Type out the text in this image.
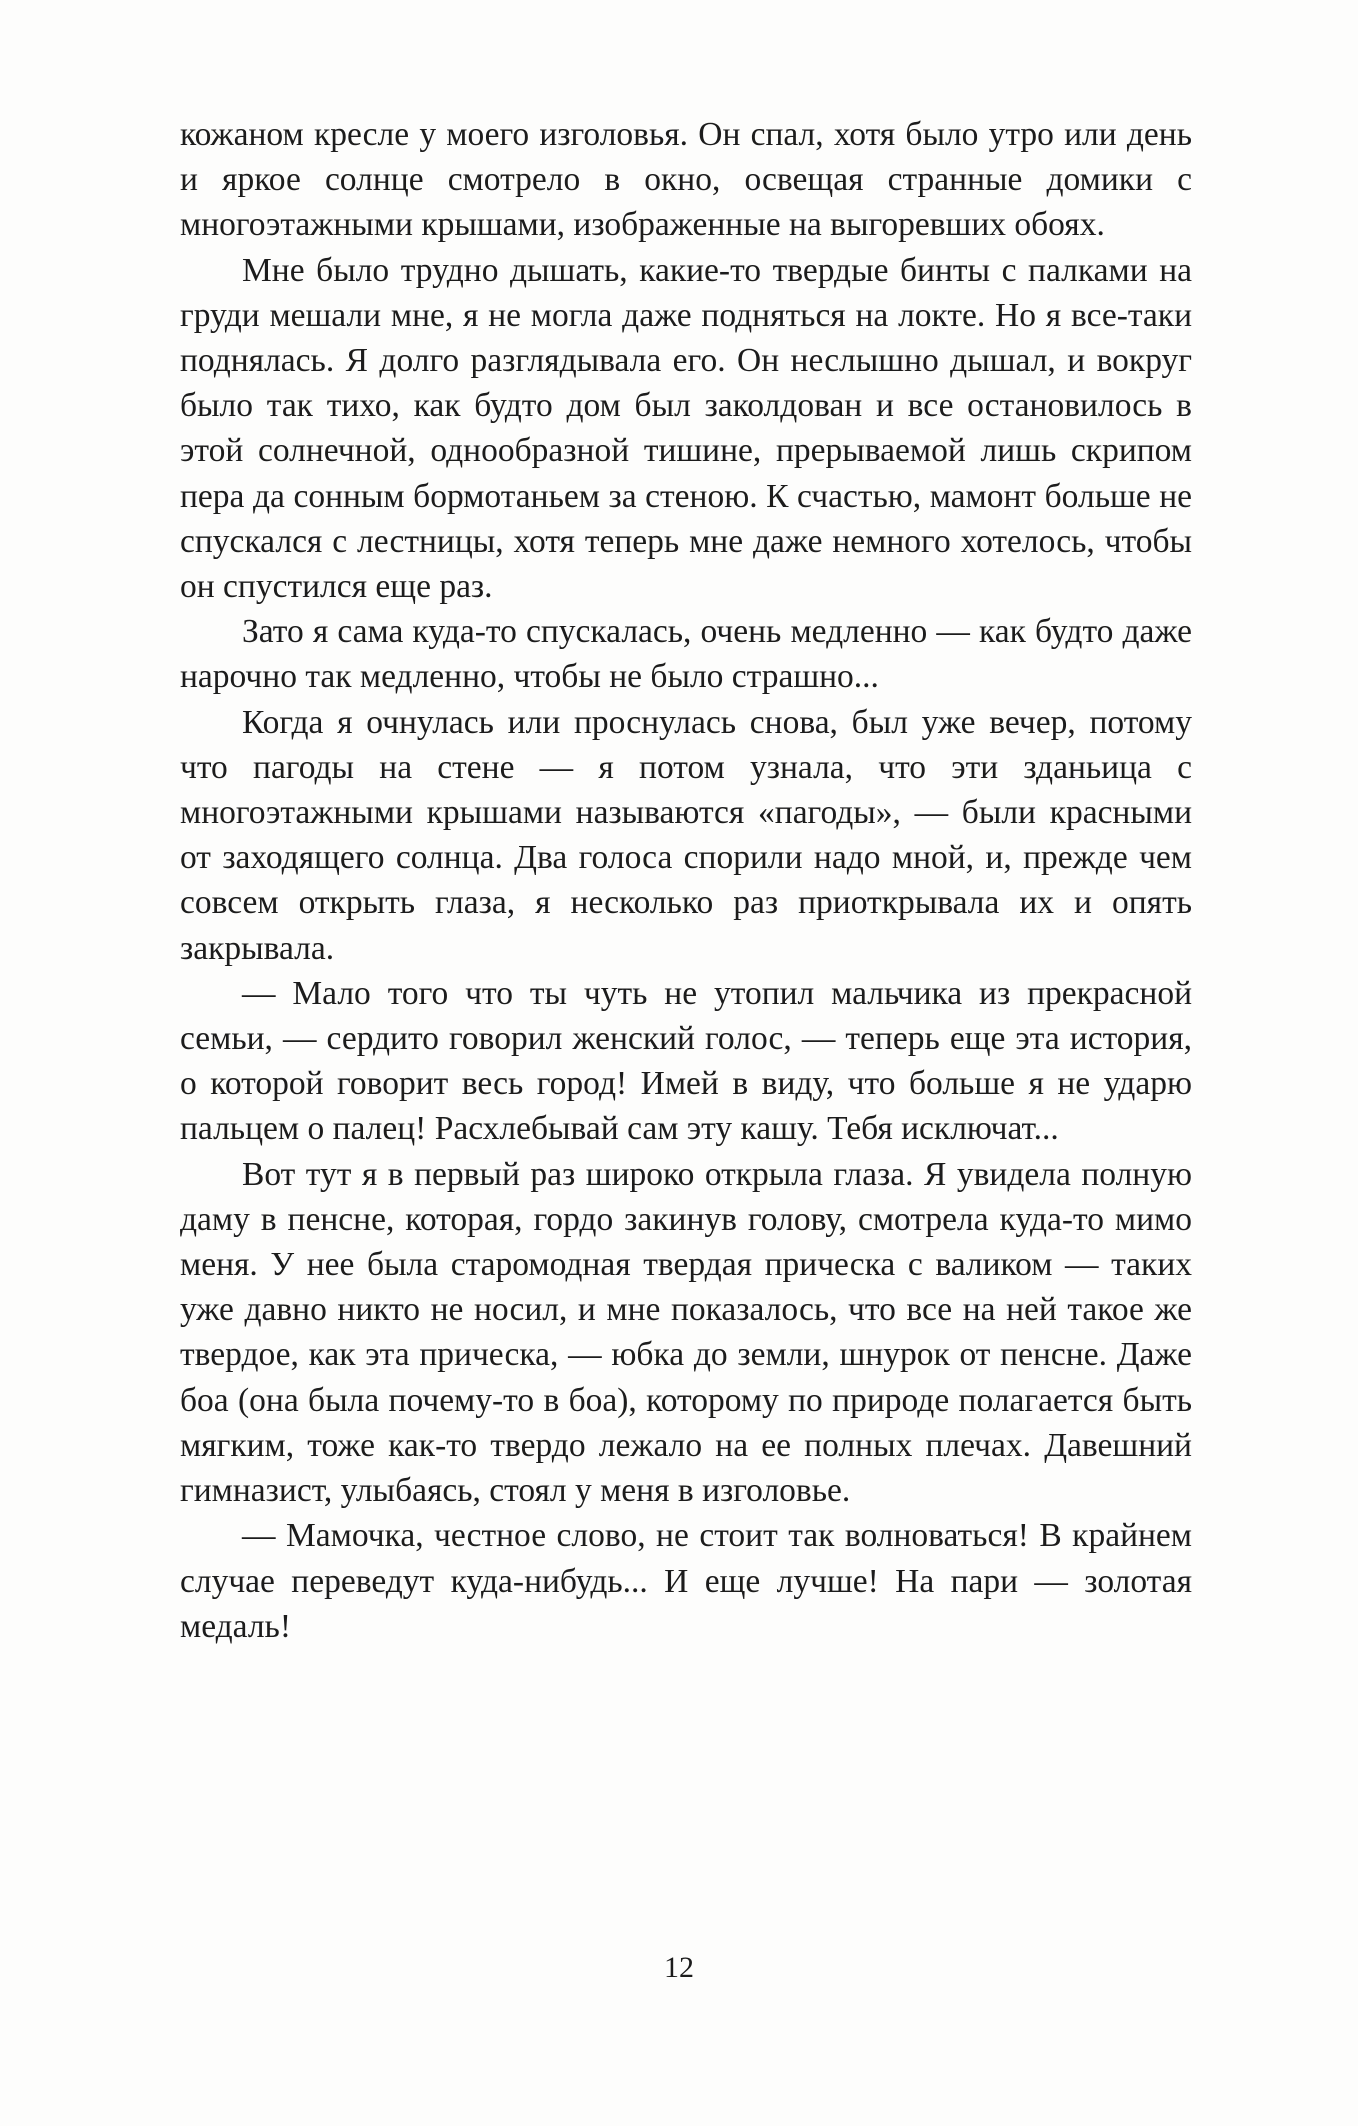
кожаном кресле у моего изголовья. Он спал, хотя было утро или день и яркое солнце смотрело в окно, освещая странные домики с многоэтажными крышами, изображенные на выгоревших обоях.

Мне было трудно дышать, какие-то твердые бинты с палками на груди мешали мне, я не могла даже подняться на локте. Но я все-таки поднялась. Я долго разглядывала его. Он неслышно дышал, и вокруг было так тихо, как будто дом был заколдован и все остановилось в этой солнечной, однообразной тишине, прерываемой лишь скрипом пера да сонным бормотаньем за стеною. К счастью, мамонт больше не спускался с лестницы, хотя теперь мне даже немного хотелось, чтобы он спустился еще раз.

Зато я сама куда-то спускалась, очень медленно — как будто даже нарочно так медленно, чтобы не было страшно...

Когда я очнулась или проснулась снова, был уже вечер, потому что пагоды на стене — я потом узнала, что эти зданьица с многоэтажными крышами называются «пагоды», — были красными от заходящего солнца. Два голоса спорили надо мной, и, прежде чем совсем открыть глаза, я несколько раз приоткрывала их и опять закрывала.

— Мало того что ты чуть не утопил мальчика из прекрасной семьи, — сердито говорил женский голос, — теперь еще эта история, о которой говорит весь город! Имей в виду, что больше я не ударю пальцем о палец! Расхлебывай сам эту кашу. Тебя исключат...

Вот тут я в первый раз широко открыла глаза. Я увидела полную даму в пенсне, которая, гордо закинув голову, смотрела куда-то мимо меня. У нее была старомодная твердая прическа с валиком — таких уже давно никто не носил, и мне показалось, что все на ней такое же твердое, как эта прическа, — юбка до земли, шнурок от пенсне. Даже боа (она была почему-то в боа), которому по природе полагается быть мягким, тоже как-то твердо лежало на ее полных плечах. Давешний гимназист, улыбаясь, стоял у меня в изголовье.

— Мамочка, честное слово, не стоит так волноваться! В крайнем случае переведут куда-нибудь... И еще лучше! На пари — золотая медаль!

12
